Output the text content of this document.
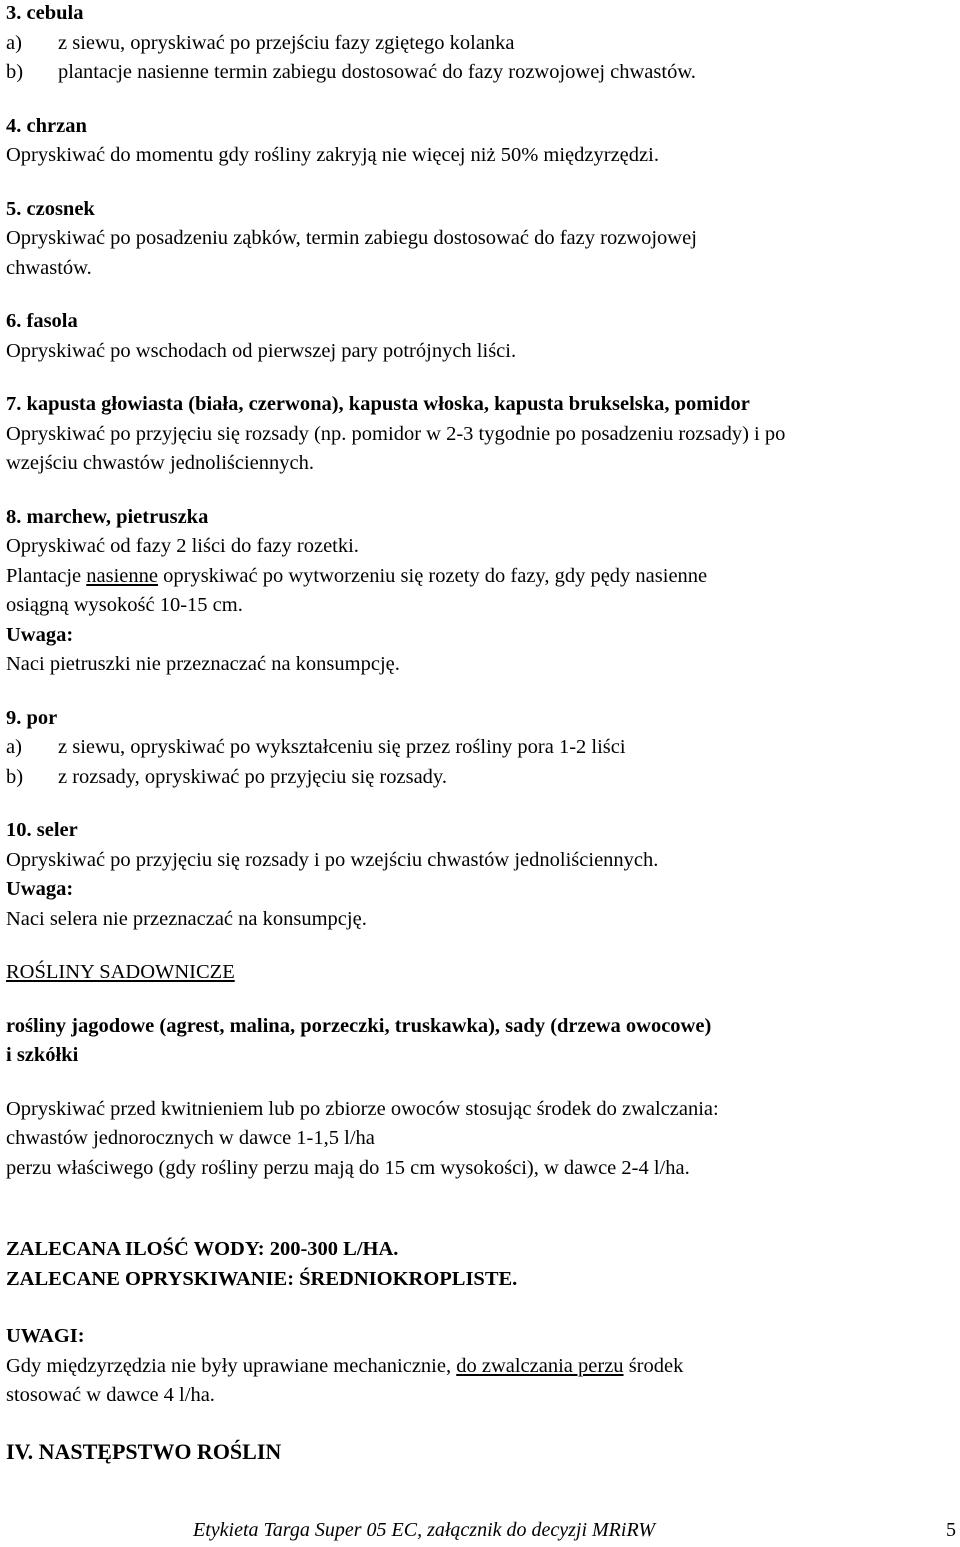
3. cebula
a) z siewu, opryskiwać po przejściu fazy zgiętego kolanka
b) plantacje nasienne termin zabiegu dostosować do fazy rozwojowej chwastów.
4. chrzan
Opryskiwać do momentu gdy rośliny zakryją nie więcej niż 50% międzyrzędzi.
5. czosnek
Opryskiwać po posadzeniu ząbków, termin zabiegu dostosować do fazy rozwojowej
chwastów.
6. fasola
Opryskiwać po wschodach od pierwszej pary potrójnych liści.
7. kapusta głowiasta (biała, czerwona), kapusta włoska, kapusta brukselska, pomidor
Opryskiwać po przyjęciu się rozsady (np. pomidor w 2-3 tygodnie po posadzeniu rozsady) i po
wzejściu chwastów jednoliściennych.
8. marchew, pietruszka
Opryskiwać od fazy 2 liści do fazy rozetki.
Plantacje nasienne opryskiwać po wytworzeniu się rozety do fazy, gdy pędy nasienne
osiągną wysokość 10-15 cm.
Uwaga:
Naci pietruszki nie przeznaczać na konsumpcję.
9. por
a) z siewu, opryskiwać po wykształceniu się przez rośliny pora 1-2 liści
b) z rozsady, opryskiwać po przyjęciu się rozsady.
10. seler
Opryskiwać po przyjęciu się rozsady i po wzejściu chwastów jednoliściennych.
Uwaga:
Naci selera nie przeznaczać na konsumpcję.
ROŚLINY SADOWNICZE
rośliny jagodowe (agrest, malina, porzeczki, truskawka), sady (drzewa owocowe)
i szkółki
Opryskiwać przed kwitnieniem lub po zbiorze owoców stosując środek do zwalczania:
chwastów jednorocznych w dawce 1-1,5 l/ha
perzu właściwego (gdy rośliny perzu mają do 15 cm wysokości), w dawce 2-4 l/ha.
ZALECANA ILOŚĆ WODY: 200-300 L/HA.
ZALECANE OPRYSKIWANIE: ŚREDNIOKROPLISTE.
UWAGI:
Gdy międzyrzędzia nie były uprawiane mechanicznie, do zwalczania perzu środek
stosować w dawce 4 l/ha.
IV. NASTĘPSTWO ROŚLIN
Etykieta Targa Super 05 EC, załącznik do decyzji MRiRW	5
